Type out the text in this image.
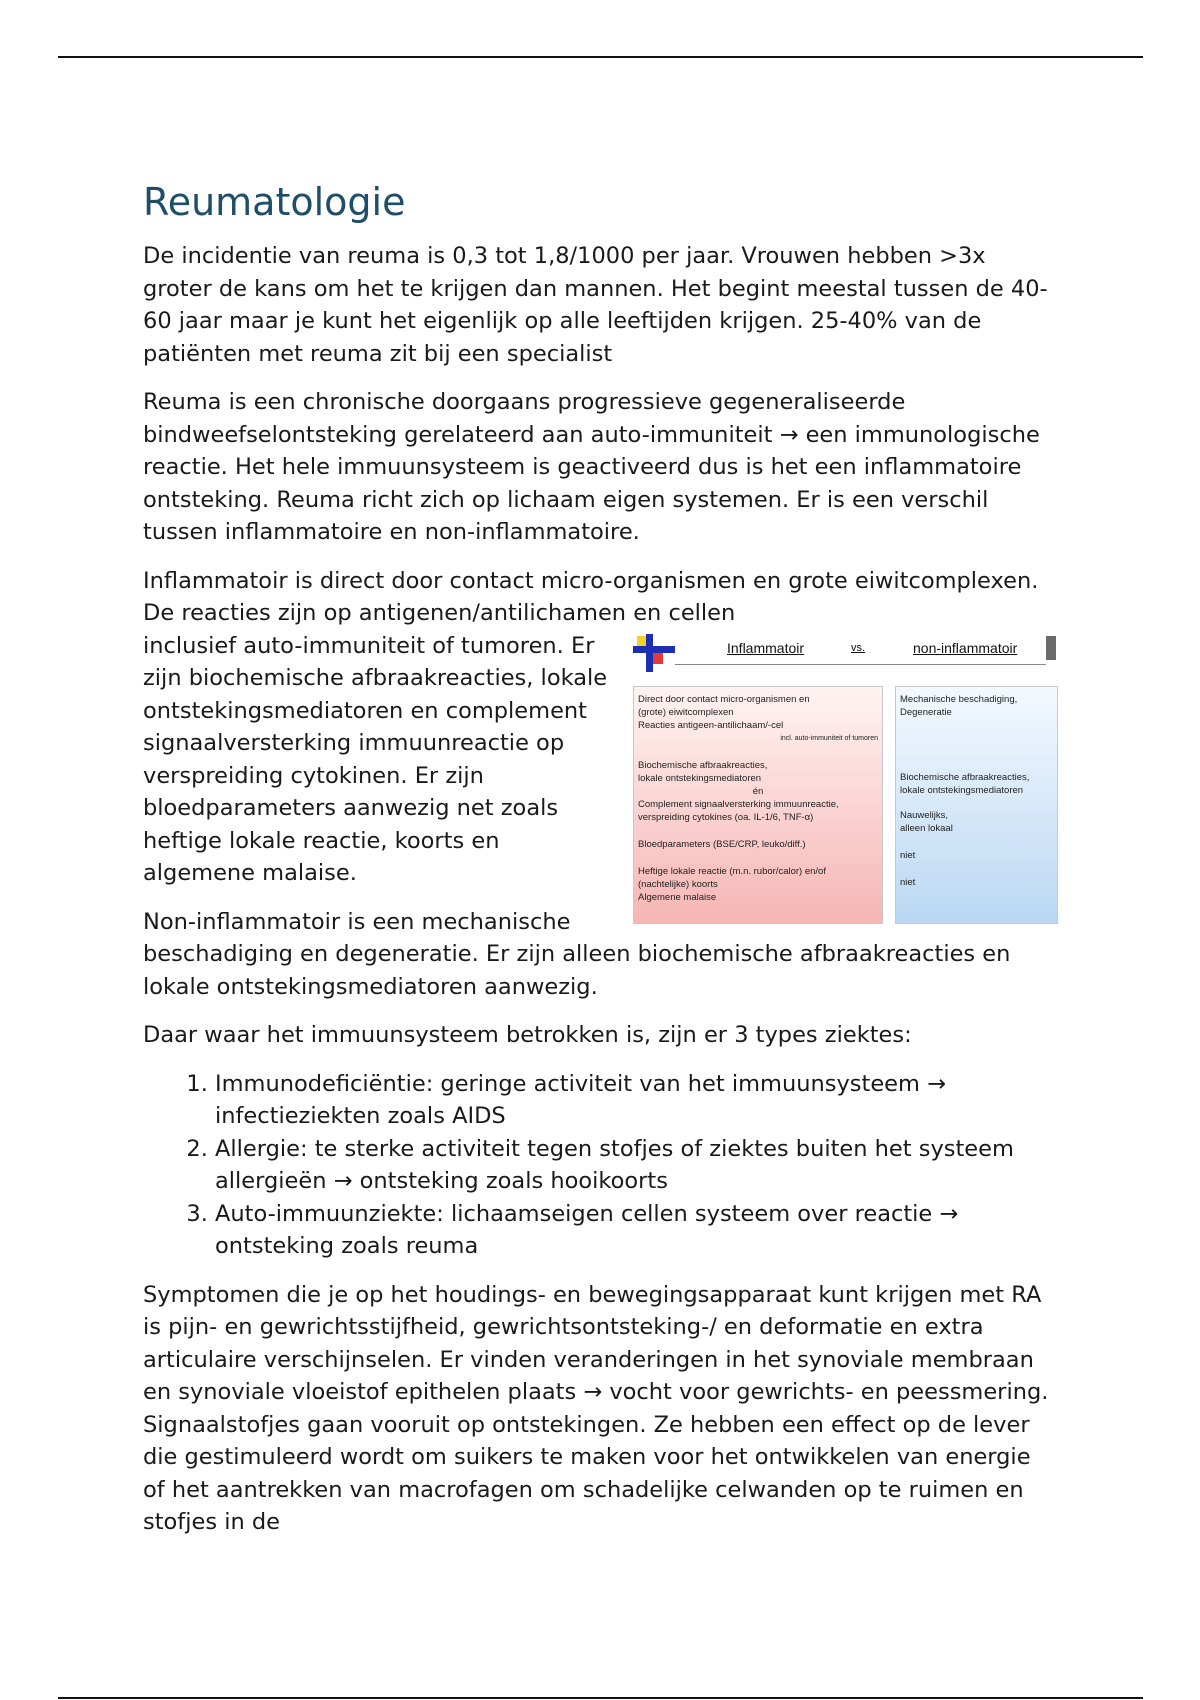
Reumatologie

De incidentie van reuma is 0,3 tot 1,8/1000 per jaar. Vrouwen hebben >3x groter de kans om het te krijgen dan mannen. Het begint meestal tussen de 40-60 jaar maar je kunt het eigenlijk op alle leeftijden krijgen. 25-40% van de patiënten met reuma zit bij een specialist

Reuma is een chronische doorgaans progressieve gegeneraliseerde bindweefselontsteking gerelateerd aan auto-immuniteit → een immunologische reactie. Het hele immuunsysteem is geactiveerd dus is het een inflammatoire ontsteking. Reuma richt zich op lichaam eigen systemen. Er is een verschil tussen inflammatoire en non-inflammatoire.

Inflammatoir is direct door contact micro-organismen en grote eiwitcomplexen. De reacties zijn op antigenen/antilichamen en cellen

Inflammatoir	vs.	non-inflammatoir
Direct door contact micro-organismen en
(grote) eiwitcomplexen
Reacties antigeen-antilichaam/-cel
incl. auto-immuniteit of tumoren
Biochemische afbraakreacties,
lokale ontstekingsmediatoren
én
Complement signaalversterking immuunreactie,
verspreiding cytokines (oa. IL-1/6, TNF-α)
Bloedparameters (BSE/CRP, leuko/diff.)
Heftige lokale reactie (m.n. rubor/calor) en/of
(nachtelijke) koorts
Algemene malaise
Mechanische beschadiging,
Degeneratie
Biochemische afbraakreacties,
lokale ontstekingsmediatoren
Nauwelijks,
alleen lokaal
niet
niet

inclusief auto-immuniteit of tumoren. Er zijn biochemische afbraakreacties, lokale ontstekingsmediatoren en complement signaalversterking immuunreactie op verspreiding cytokinen. Er zijn bloedparameters aanwezig net zoals heftige lokale reactie, koorts en algemene malaise.

Non-inflammatoir is een mechanische beschadiging en degeneratie. Er zijn alleen biochemische afbraakreacties en lokale ontstekingsmediatoren aanwezig.

Daar waar het immuunsysteem betrokken is, zijn er 3 types ziektes:

1. Immunodeficiëntie: geringe activiteit van het immuunsysteem → infectieziekten zoals AIDS
2. Allergie: te sterke activiteit tegen stofjes of ziektes buiten het systeem allergieën → ontsteking zoals hooikoorts
3. Auto-immuunziekte: lichaamseigen cellen systeem over reactie → ontsteking zoals reuma

Symptomen die je op het houdings- en bewegingsapparaat kunt krijgen met RA is pijn- en gewrichtsstijfheid, gewrichtsontsteking-/ en deformatie en extra articulaire verschijnselen. Er vinden veranderingen in het synoviale membraan en synoviale vloeistof epithelen plaats → vocht voor gewrichts- en peessmering. Signaalstofjes gaan vooruit op ontstekingen. Ze hebben een effect op de lever die gestimuleerd wordt om suikers te maken voor het ontwikkelen van energie of het aantrekken van macrofagen om schadelijke celwanden op te ruimen en stofjes in de
